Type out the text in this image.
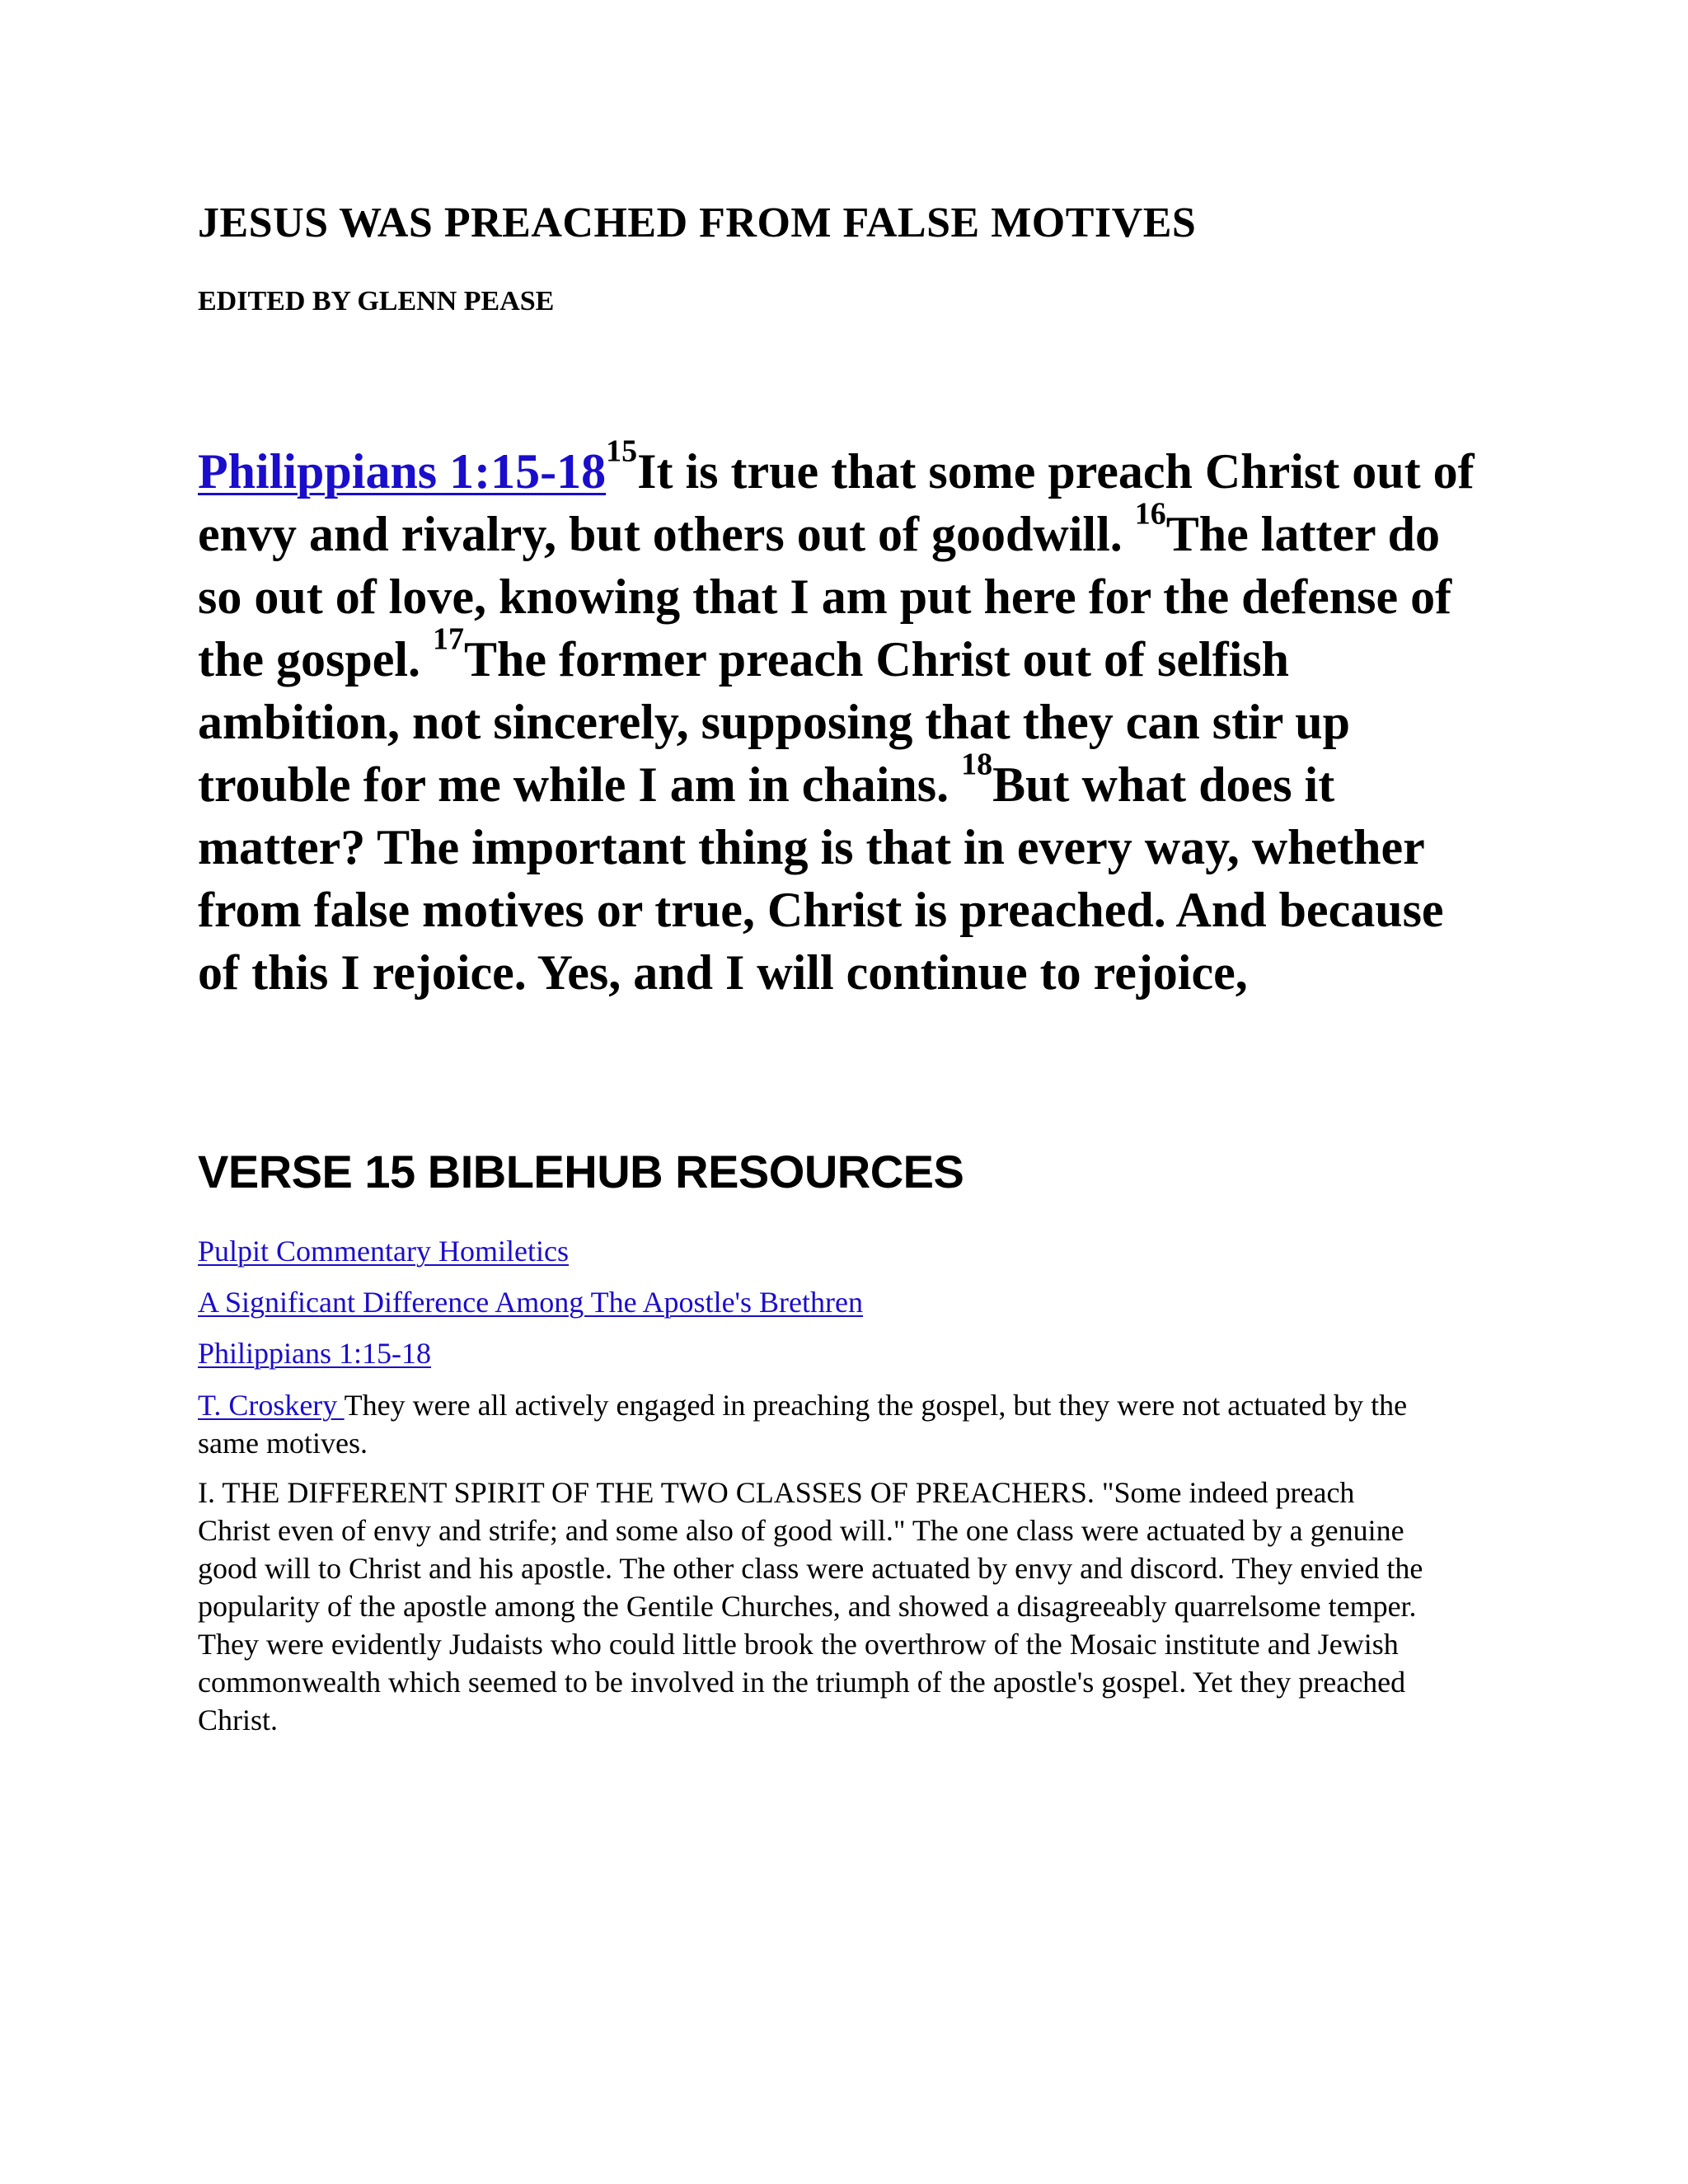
JESUS WAS PREACHED FROM FALSE MOTIVES

EDITED BY GLENN PEASE

Philippians $1:15-18^{15}It$ is true that some preach Christ out of envy and rivalry, but others out of goodwill. $^{16}$The latter do so out of love, knowing that I am put here for the defense of the gospel. $^{17}$The former preach Christ out of selfish ambition, not sincerely, supposing that they can stir up trouble for me while I am in chains. $^{18}$But what does it matter? The important thing is that in every way, whether from false motives or true, Christ is preached. And because of this I rejoice. Yes, and I will continue to rejoice,

VERSE 15 BIBLEHUB RESOURCES

Pulpit Commentary Homiletics

A Significant Difference Among The Apostle's Brethren

Philippians 1:15-18

T. Croskery They were all actively engaged in preaching the gospel, but they were not actuated by the same motives.

I. THE DIFFERENT SPIRIT OF THE TWO CLASSES OF PREACHERS. "Some indeed preach Christ even of envy and strife; and some also of good will." The one class were actuated by a genuine good will to Christ and his apostle. The other class were actuated by envy and discord. They envied the popularity of the apostle among the Gentile Churches, and showed a disagreeably quarrelsome temper. They were evidently Judaists who could little brook the overthrow of the Mosaic institute and Jewish commonwealth which seemed to be involved in the triumph of the apostle's gospel. Yet they preached Christ.
